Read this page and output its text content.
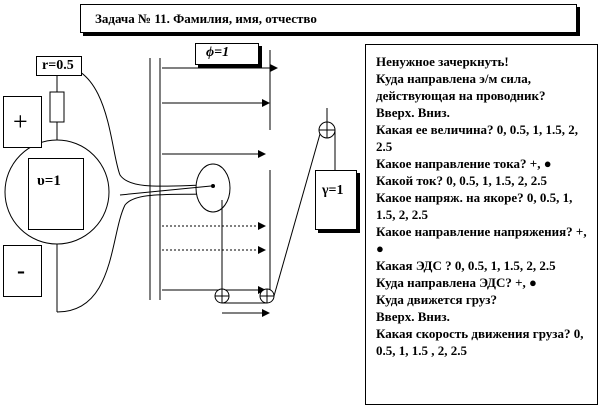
Задача № 11. Фамилия, имя, отчество
r=0.5
+
-
υ=1
ϕ=1
γ=1
Ненужное зачеркнуть!
Куда направлена э/м сила, действующая на проводник?
Вверх. Вниз.
Какая ее величина? 0, 0.5, 1, 1.5, 2, 2.5
Какое направление тока? +, ●
Какой ток? 0, 0.5, 1, 1.5, 2, 2.5
Какое напряж. на якоре? 0, 0.5, 1, 1.5, 2, 2.5
Какое направление напряжения? +, ●
Какая ЭДС ? 0, 0.5, 1, 1.5, 2, 2.5
Куда направлена ЭДС? +, ●
Куда движется груз?
Вверх. Вниз.
Какая скорость движения груза? 0, 0.5, 1, 1.5 , 2, 2.5
